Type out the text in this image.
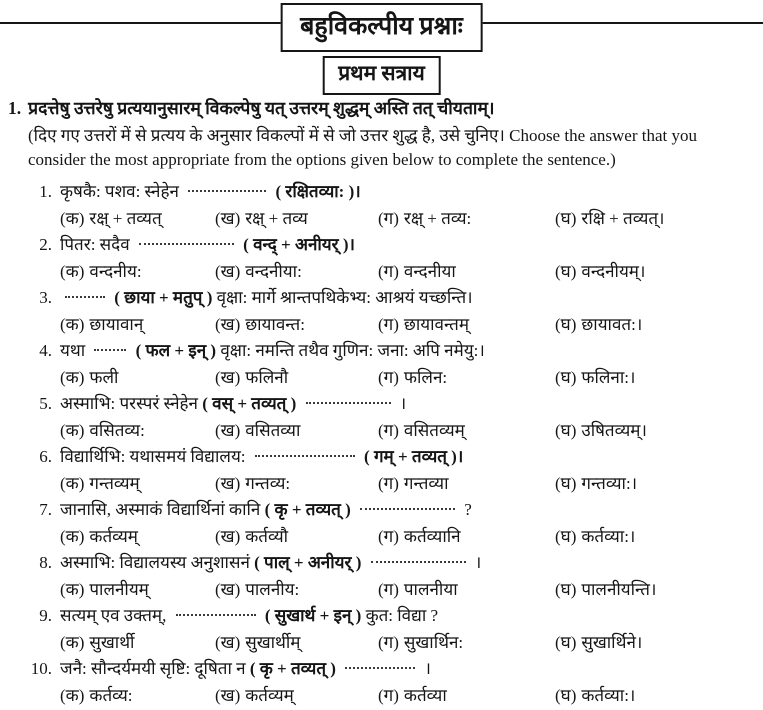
बहुविकल्पीय प्रश्नाः
प्रथम सत्राय
1. प्रदत्तेषु उत्तरेषु प्रत्ययानुसारम् विकल्पेषु यत् उत्तरम् शुद्धम् अस्ति तत् चीयताम्।
(दिए गए उत्तरों में से प्रत्यय के अनुसार विकल्पों में से जो उत्तर शुद्ध है, उसे चुनिए। Choose the answer that you consider the most appropriate from the options given below to complete the sentence.)
1. कृषकै: पशव: स्नेहेन	( रक्षितव्या: )।
(क) रक्ष् + तव्यत्	(ख) रक्ष् + तव्य	(ग) रक्ष् + तव्य:	(घ) रक्षि + तव्यत्।
2. पितर: सदैव	( वन्द् + अनीयर् )।
(क) वन्दनीय:	(ख) वन्दनीया:	(ग) वन्दनीया	(घ) वन्दनीयम्।
3.	( छाया + मतुप् ) वृक्षा: मार्गे श्रान्तपथिकेभ्य: आश्रयं यच्छन्ति।
(क) छायावान्	(ख) छायावन्त:	(ग) छायावन्तम्	(घ) छायावत:।
4. यथा	( फल + इन् ) वृक्षा: नमन्ति तथैव गुणिन: जना: अपि नमेयु:।
(क) फली	(ख) फलिनौ	(ग) फलिन:	(घ) फलिना:।
5. अस्माभि: परस्परं स्नेहेन ( वस् + तव्यत् )	।
(क) वसितव्य:	(ख) वसितव्या	(ग) वसितव्यम्	(घ) उषितव्यम्।
6. विद्यार्थिभि: यथासमयं विद्यालय:	( गम् + तव्यत् )।
(क) गन्तव्यम्	(ख) गन्तव्य:	(ग) गन्तव्या	(घ) गन्तव्या:।
7. जानासि, अस्माकं विद्यार्थिनां कानि ( कृ + तव्यत् )	?
(क) कर्तव्यम्	(ख) कर्तव्यौ	(ग) कर्तव्यानि	(घ) कर्तव्या:।
8. अस्माभि: विद्यालयस्य अनुशासनं ( पाल् + अनीयर् )	।
(क) पालनीयम्	(ख) पालनीय:	(ग) पालनीया	(घ) पालनीयन्ति।
9. सत्यम् एव उक्तम्,	( सुखार्थ + इन् ) कुत: विद्या ?
(क) सुखार्थी	(ख) सुखार्थीम्	(ग) सुखार्थिन:	(घ) सुखार्थिने।
10. जनै: सौन्दर्यमयी सृष्टि: दूषिता न ( कृ + तव्यत् )	।
(क) कर्तव्य:	(ख) कर्तव्यम्	(ग) कर्तव्या	(घ) कर्तव्या:।
